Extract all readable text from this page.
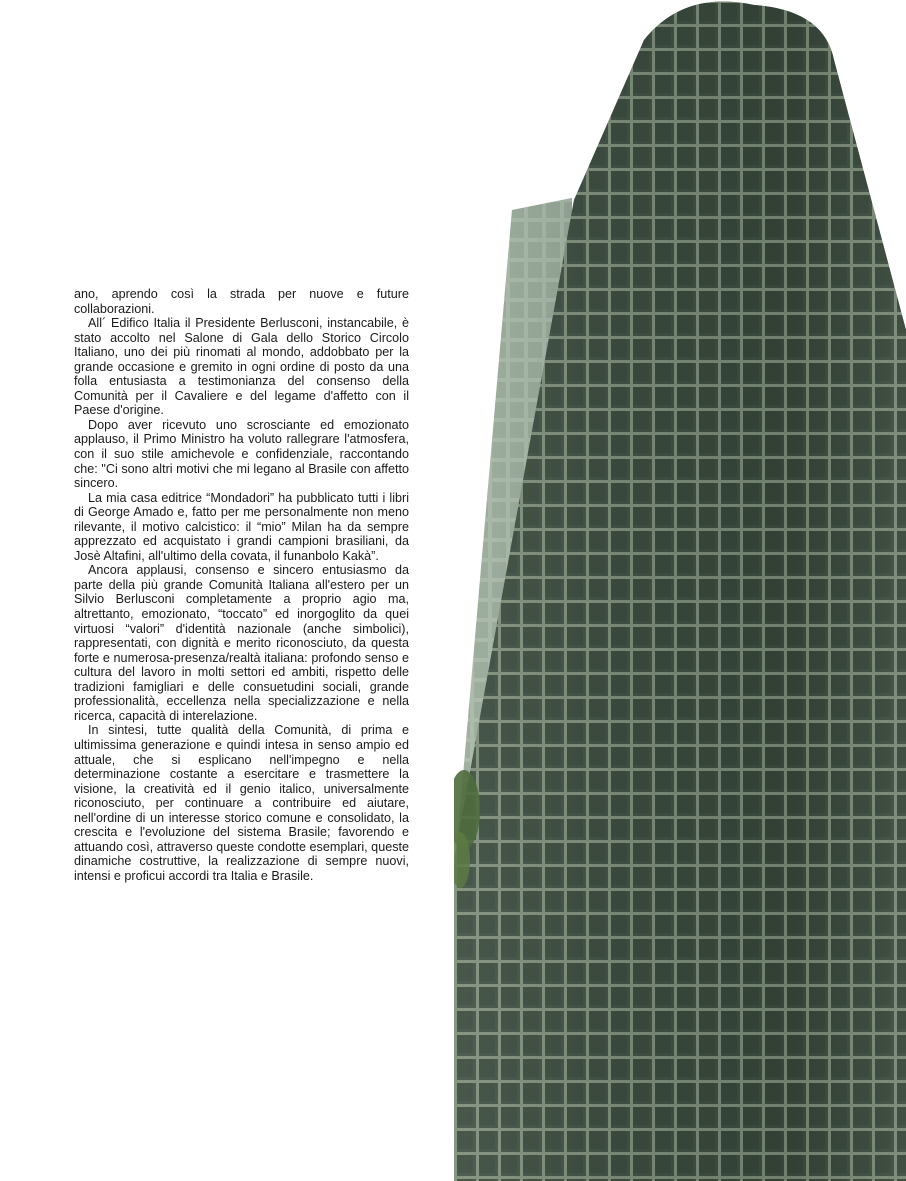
ano, aprendo così la strada per nuove e future collaborazioni.

All´ Edifico Italia il Presidente Berlusconi, instancabile, è stato accolto nel Salone di Gala dello Storico Circolo Italiano, uno dei più rinomati al mondo, addobbato per la grande occasione e gremito in ogni ordine di posto da una folla entusiasta a testimonianza del consenso della Comunità per il Cavaliere e del legame d'affetto con il Paese d'origine.

Dopo aver ricevuto uno scrosciante ed emozionato applauso, il Primo Ministro ha voluto rallegrare l'atmosfera, con il suo stile amichevole e confidenziale, raccontando che: "Ci sono altri motivi che mi legano al Brasile con affetto sincero.

La mia casa editrice “Mondadori” ha pubblicato tutti i libri di George Amado e, fatto per me personalmente non meno rilevante, il motivo calcistico: il “mio” Milan ha da sempre apprezzato ed acquistato i grandi campioni brasiliani, da Josè Altafini, all'ultimo della covata, il funanbolo Kakà”.

Ancora applausi, consenso e sincero entusiasmo da parte della più grande Comunità Italiana all'estero per un Silvio Berlusconi completamente a proprio agio ma, altrettanto, emozionato, “toccato” ed inorgoglito da quei virtuosi “valori” d'identità nazionale (anche simbolici), rappresentati, con dignità e merito riconosciuto, da questa forte e numerosa-presenza/realtà italiana: profondo senso e cultura del lavoro in molti settori ed ambiti, rispetto delle tradizioni famigliari e delle consuetudini sociali, grande professionalità, eccellenza nella specializzazione e nella ricerca, capacità di interelazione.

In sintesi, tutte qualità della Comunità, di prima e ultimissima generazione e quindi intesa in senso ampio ed attuale, che si esplicano nell'impegno e nella determinazione costante a esercitare e trasmettere la visione, la creatività ed il genio italico, universalmente riconosciuto, per continuare a contribuire ed aiutare, nell'ordine di un interesse storico comune e consolidato, la crescita e l'evoluzione del sistema Brasile; favorendo e attuando così, attraverso queste condotte esemplari, queste dinamiche costruttive, la realizzazione di sempre nuovi, intensi e proficui accordi tra Italia e Brasile.
